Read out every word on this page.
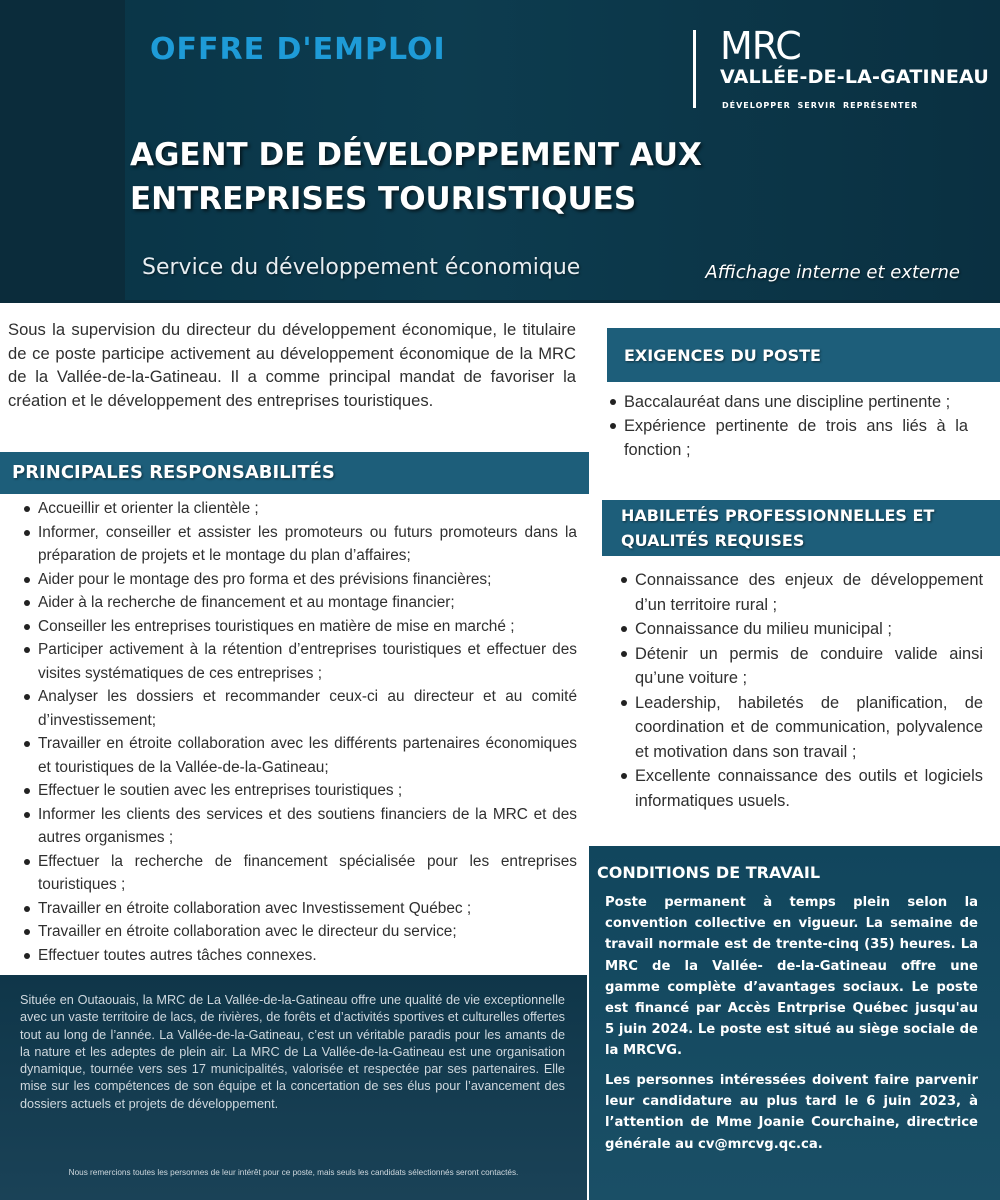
OFFRE D'EMPLOI	MRC
VALLÉE-DE-LA-GATINEAU
DÉVELOPPER SERVIR REPRÉSENTER
AGENT DE DÉVELOPPEMENT AUX ENTREPRISES TOURISTIQUES
Service du développement économique	Affichage interne et externe

Sous la supervision du directeur du développement économique, le titulaire de ce poste participe activement au développement économique de la MRC de la Vallée-de-la-Gatineau. Il a comme principal mandat de favoriser la création et le développement des entreprises touristiques.

PRINCIPALES RESPONSABILITÉS
Accueillir et orienter la clientèle ;
Informer, conseiller et assister les promoteurs ou futurs promoteurs dans la préparation de projets et le montage du plan d’affaires;
Aider pour le montage des pro forma et des prévisions financières;
Aider à la recherche de financement et au montage financier;
Conseiller les entreprises touristiques en matière de mise en marché ;
Participer activement à la rétention d’entreprises touristiques et effectuer des visites systématiques de ces entreprises ;
Analyser les dossiers et recommander ceux-ci au directeur et au comité d’investissement;
Travailler en étroite collaboration avec les différents partenaires économiques et touristiques de la Vallée-de-la-Gatineau;
Effectuer le soutien avec les entreprises touristiques ;
Informer les clients des services et des soutiens financiers de la MRC et des autres organismes ;
Effectuer la recherche de financement spécialisée pour les entreprises touristiques ;
Travailler en étroite collaboration avec Investissement Québec ;
Travailler en étroite collaboration avec le directeur du service;
Effectuer toutes autres tâches connexes.

Située en Outaouais, la MRC de La Vallée-de-la-Gatineau offre une qualité de vie exceptionnelle avec un vaste territoire de lacs, de rivières, de forêts et d’activités sportives et culturelles offertes tout au long de l’année. La Vallée-de-la-Gatineau, c’est un véritable paradis pour les amants de la nature et les adeptes de plein air. La MRC de La Vallée-de-la-Gatineau est une organisation dynamique, tournée vers ses 17 municipalités, valorisée et respectée par ses partenaires. Elle mise sur les compétences de son équipe et la concertation de ses élus pour l’avancement des dossiers actuels et projets de développement.

Nous remercions toutes les personnes de leur intérêt pour ce poste, mais seuls les candidats sélectionnés seront contactés.

EXIGENCES DU POSTE
Baccalauréat dans une discipline pertinente ;
Expérience pertinente de trois ans liés à la fonction ;
HABILETÉS PROFESSIONNELLES ET
QUALITÉS REQUISES
Connaissance des enjeux de développement d’un territoire rural ;
Connaissance du milieu municipal ;
Détenir un permis de conduire valide ainsi qu’une voiture ;
Leadership, habiletés de planification, de coordination et de communication, polyvalence et motivation dans son travail ;
Excellente connaissance des outils et logiciels informatiques usuels.
CONDITIONS DE TRAVAIL

Poste permanent à temps plein selon la convention collective en vigueur. La semaine de travail normale est de trente-cinq (35) heures. La MRC de la Vallée- de-la-Gatineau offre une gamme complète d’avantages sociaux. Le poste est financé par Accès Entrprise Québec jusqu'au 5 juin 2024. Le poste est situé au siège sociale de la MRCVG.

Les personnes intéressées doivent faire parvenir leur candidature au plus tard le 6 juin 2023, à l’attention de Mme Joanie Courchaine, directrice générale au cv@mrcvg.qc.ca.
